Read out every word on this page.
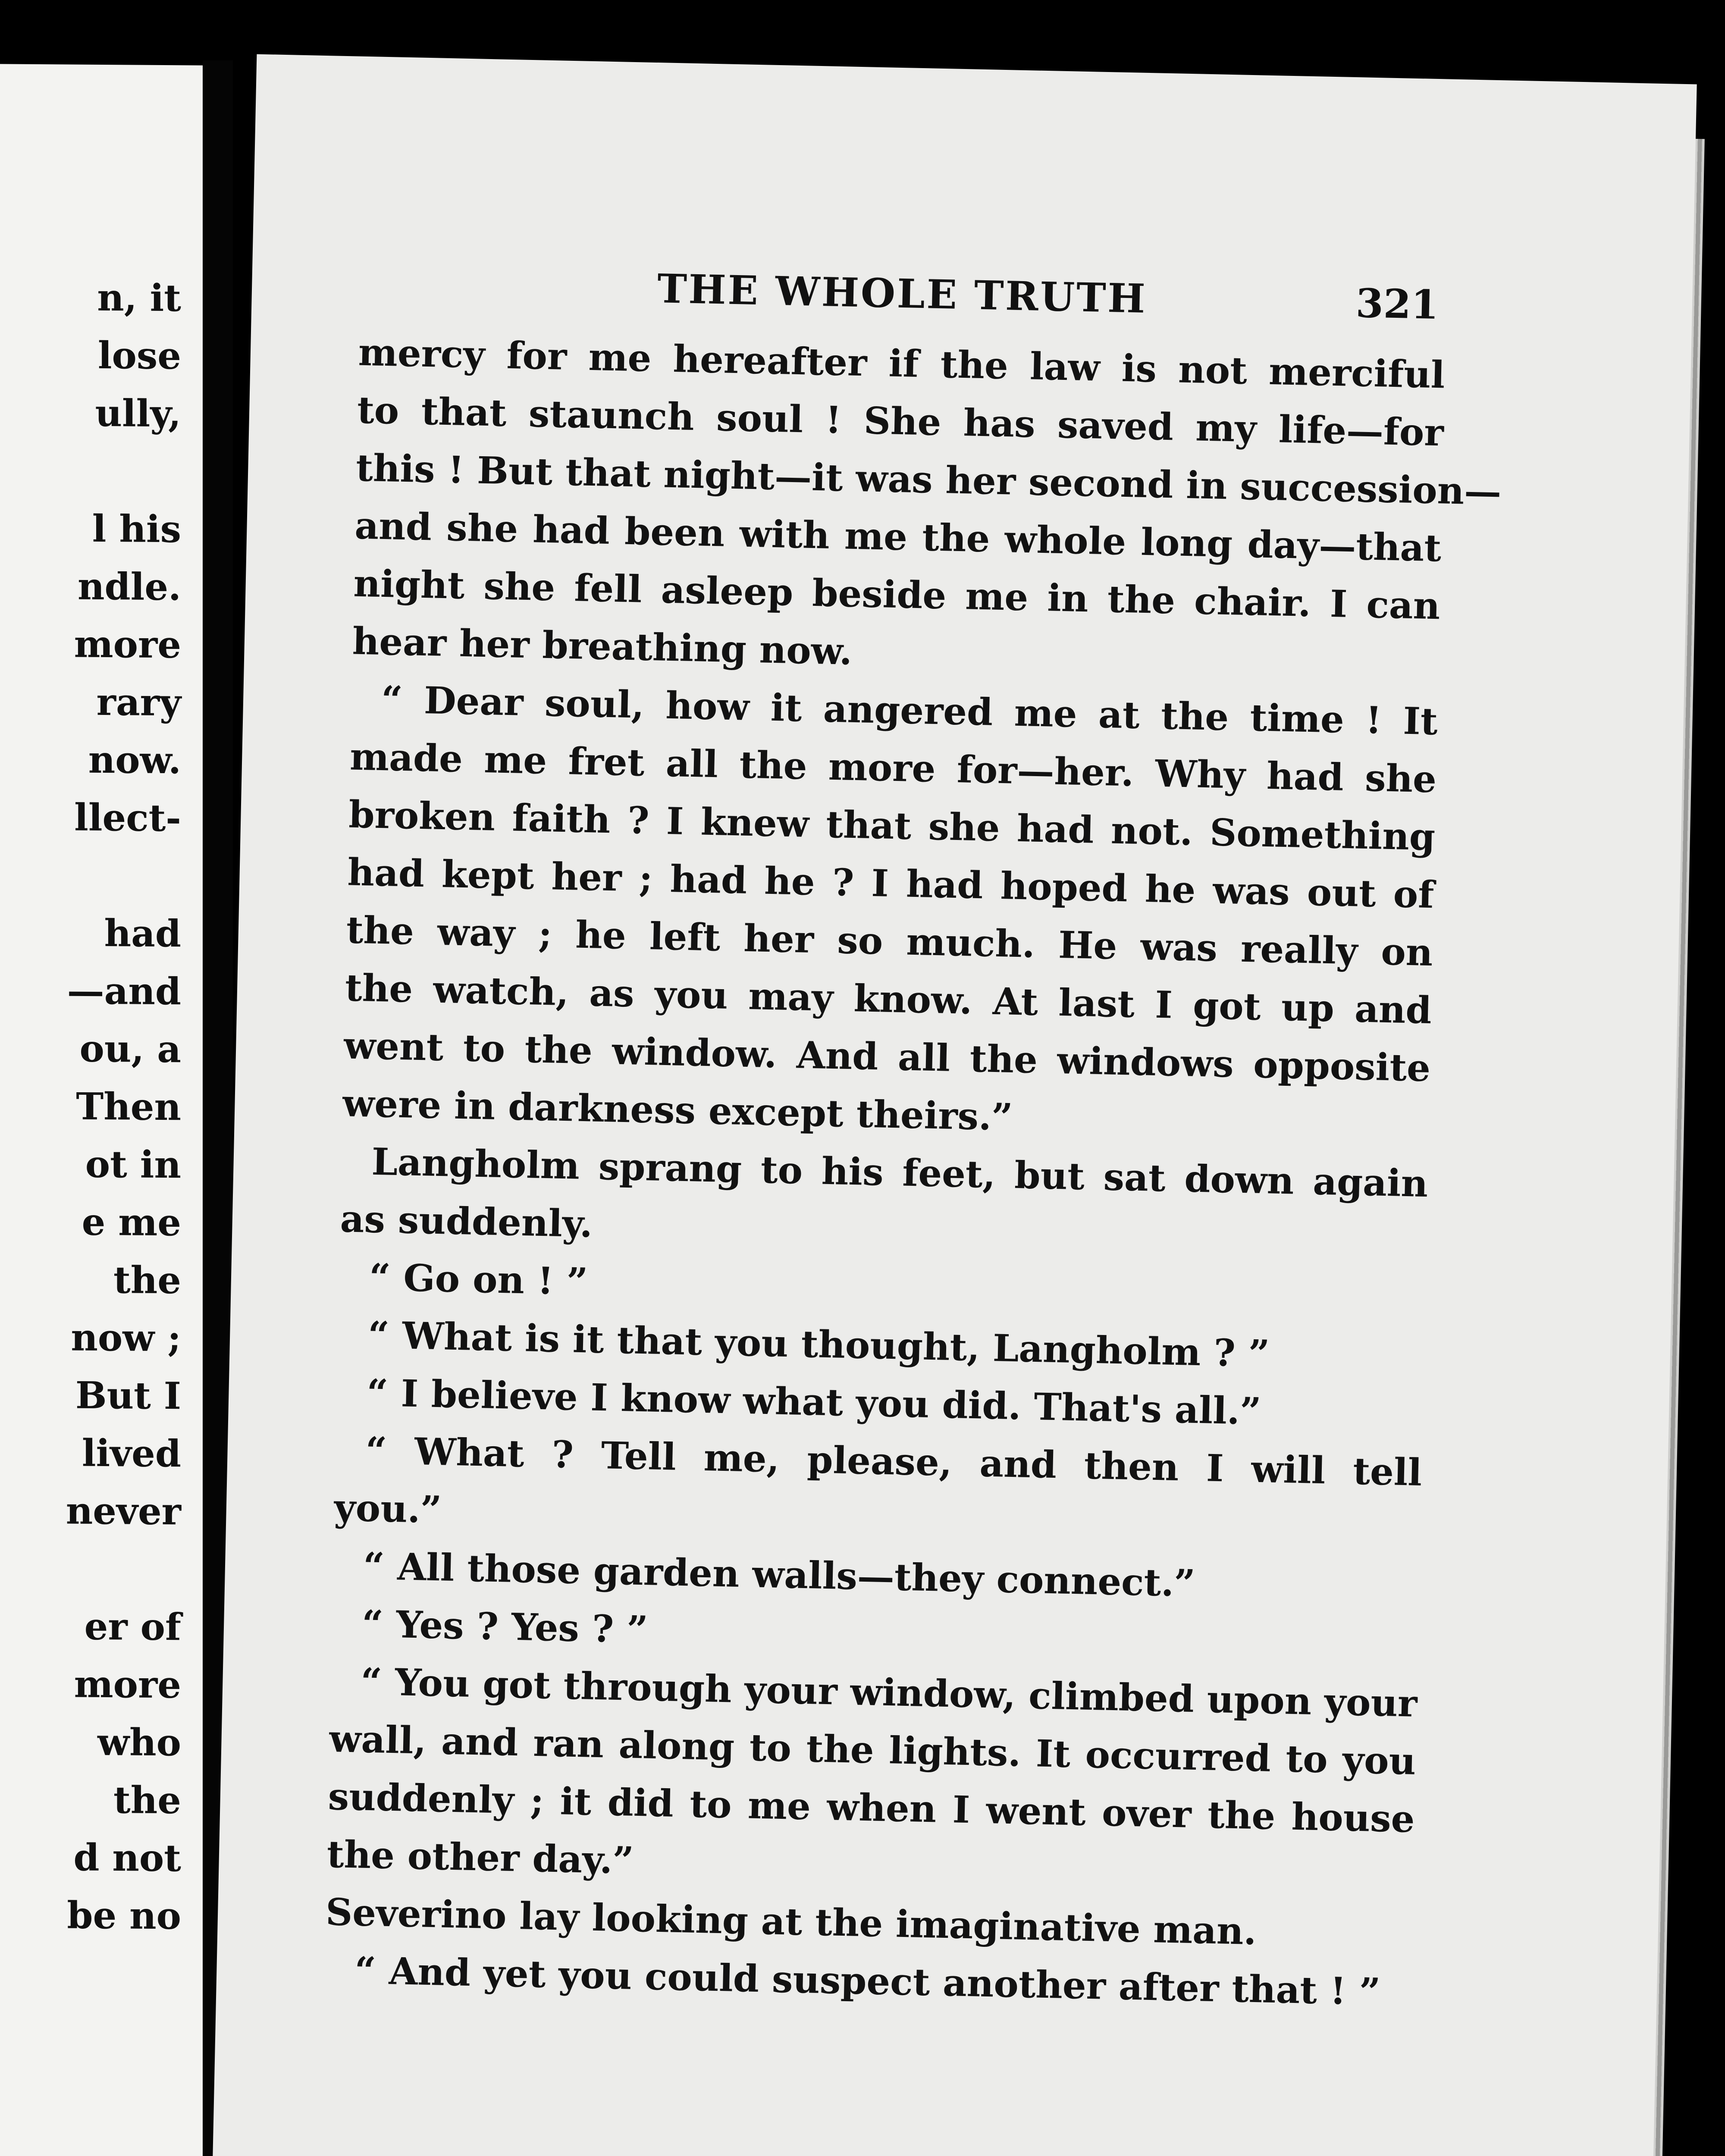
n, it
lose
ully,
l his
ndle.
more
rary
now.
llect-
had
—and
ou, a
Then
ot in
e me
the
now ;
But I
lived
never
er of
more
who
the
d not
be no
THE WHOLE TRUTH	321
mercy for me hereafter if the law is not merciful
to that staunch soul ! She has saved my life—for
this ! But that night—it was her second in succession—
and she had been with me the whole long day—that
night she fell asleep beside me in the chair. I can
hear her breathing now.
“ Dear soul, how it angered me at the time ! It
made me fret all the more for—her. Why had she
broken faith ? I knew that she had not. Something
had kept her ; had he ? I had hoped he was out of
the way ; he left her so much. He was really on
the watch, as you may know. At last I got up and
went to the window. And all the windows opposite
were in darkness except theirs.”
Langholm sprang to his feet, but sat down again
as suddenly.
“ Go on ! ”
“ What is it that you thought, Langholm ? ”
“ I believe I know what you did. That's all.”
“ What ? Tell me, please, and then I will tell
you.”
“ All those garden walls—they connect.”
“ Yes ? Yes ? ”
“ You got through your window, climbed upon your
wall, and ran along to the lights. It occurred to you
suddenly ; it did to me when I went over the house
the other day.”
Severino lay looking at the imaginative man.
“ And yet you could suspect another after that ! ”
